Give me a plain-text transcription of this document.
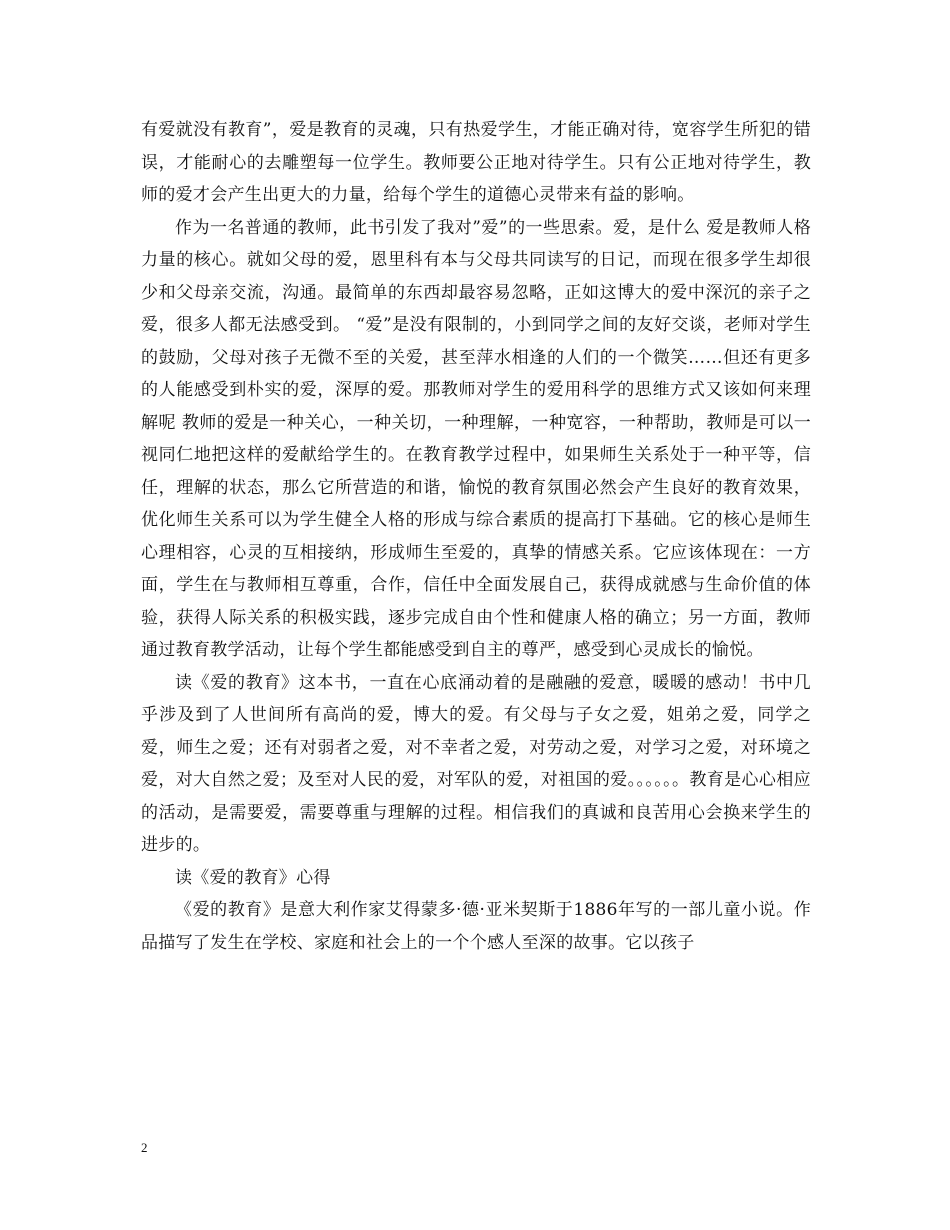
有爱就没有教育”，爱是教育的灵魂，只有热爱学生，才能正确对待，宽容学生所犯的错误，才能耐心的去雕塑每一位学生。教师要公正地对待学生。只有公正地对待学生，教师的爱才会产生出更大的力量，给每个学生的道德心灵带来有益的影响。

作为一名普通的教师，此书引发了我对”爱”的一些思索。爱，是什么 爱是教师人格力量的核心。就如父母的爱，恩里科有本与父母共同读写的日记，而现在很多学生却很少和父母亲交流，沟通。最简单的东西却最容易忽略，正如这博大的爱中深沉的亲子之爱，很多人都无法感受到。 “爱”是没有限制的，小到同学之间的友好交谈，老师对学生的鼓励，父母对孩子无微不至的关爱，甚至萍水相逢的人们的一个微笑……但还有更多的人能感受到朴实的爱，深厚的爱。那教师对学生的爱用科学的思维方式又该如何来理解呢 教师的爱是一种关心，一种关切，一种理解，一种宽容，一种帮助，教师是可以一视同仁地把这样的爱献给学生的。在教育教学过程中，如果师生关系处于一种平等，信任，理解的状态，那么它所营造的和谐，愉悦的教育氛围必然会产生良好的教育效果，优化师生关系可以为学生健全人格的形成与综合素质的提高打下基础。它的核心是师生心理相容，心灵的互相接纳，形成师生至爱的，真挚的情感关系。它应该体现在：一方面，学生在与教师相互尊重，合作，信任中全面发展自己，获得成就感与生命价值的体验，获得人际关系的积极实践，逐步完成自由个性和健康人格的确立；另一方面，教师通过教育教学活动，让每个学生都能感受到自主的尊严，感受到心灵成长的愉悦。

读《爱的教育》这本书，一直在心底涌动着的是融融的爱意，暖暖的感动！书中几乎涉及到了人世间所有高尚的爱，博大的爱。有父母与子女之爱，姐弟之爱，同学之爱，师生之爱；还有对弱者之爱，对不幸者之爱，对劳动之爱，对学习之爱，对环境之爱，对大自然之爱；及至对人民的爱，对军队的爱，对祖国的爱。。。。。。教育是心心相应的活动，是需要爱，需要尊重与理解的过程。相信我们的真诚和良苦用心会换来学生的进步的。

读《爱的教育》心得

《爱的教育》是意大利作家艾得蒙多·德·亚米契斯于1886年写的一部儿童小说。作品描写了发生在学校、家庭和社会上的一个个感人至深的故事。它以孩子

2
